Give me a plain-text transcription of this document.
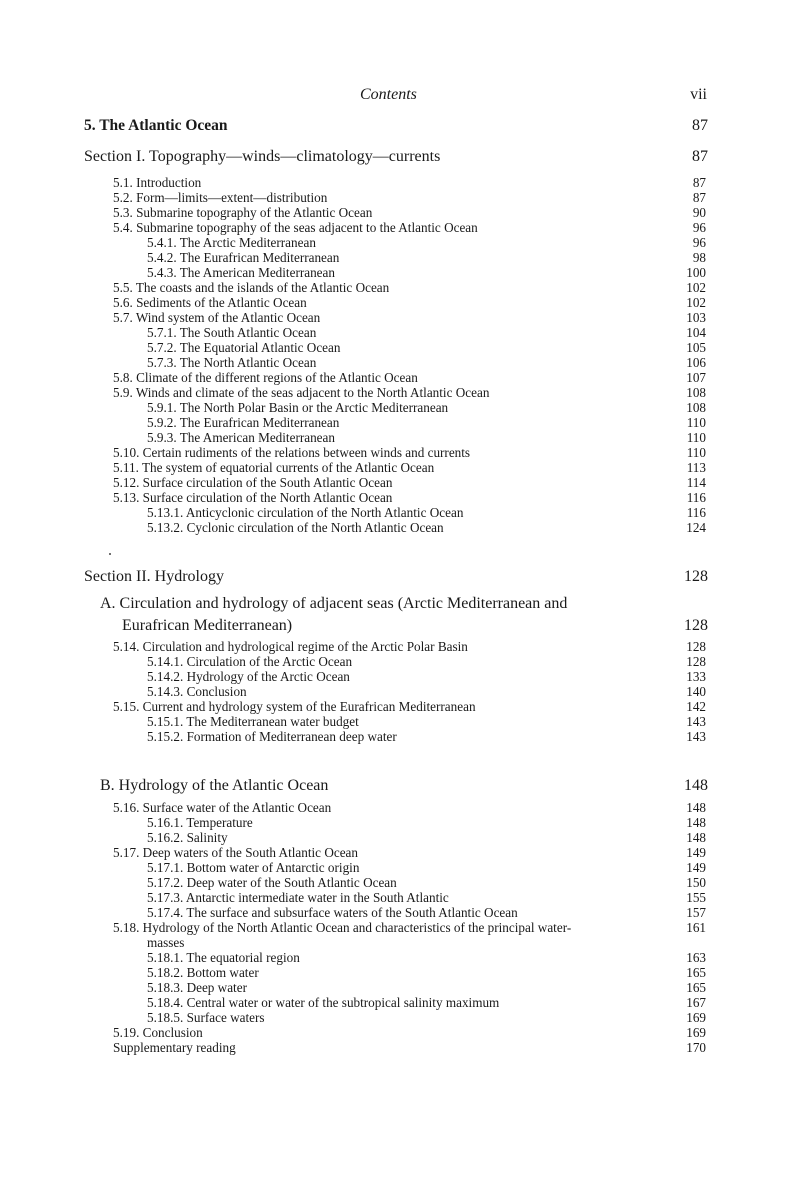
Contents	vii
5. The Atlantic Ocean	87
Section I. Topography—winds—climatology—currents	87
5.1. Introduction	87
5.2. Form—limits—extent—distribution	87
5.3. Submarine topography of the Atlantic Ocean	90
5.4. Submarine topography of the seas adjacent to the Atlantic Ocean	96
5.4.1. The Arctic Mediterranean	96
5.4.2. The Eurafrican Mediterranean	98
5.4.3. The American Mediterranean	100
5.5. The coasts and the islands of the Atlantic Ocean	102
5.6. Sediments of the Atlantic Ocean	102
5.7. Wind system of the Atlantic Ocean	103
5.7.1. The South Atlantic Ocean	104
5.7.2. The Equatorial Atlantic Ocean	105
5.7.3. The North Atlantic Ocean	106
5.8. Climate of the different regions of the Atlantic Ocean	107
5.9. Winds and climate of the seas adjacent to the North Atlantic Ocean	108
5.9.1. The North Polar Basin or the Arctic Mediterranean	108
5.9.2. The Eurafrican Mediterranean	110
5.9.3. The American Mediterranean	110
5.10. Certain rudiments of the relations between winds and currents	110
5.11. The system of equatorial currents of the Atlantic Ocean	113
5.12. Surface circulation of the South Atlantic Ocean	114
5.13. Surface circulation of the North Atlantic Ocean	116
5.13.1. Anticyclonic circulation of the North Atlantic Ocean	116
5.13.2. Cyclonic circulation of the North Atlantic Ocean	124
Section II. Hydrology	128
A. Circulation and hydrology of adjacent seas (Arctic Mediterranean and
Eurafrican Mediterranean)	128
5.14. Circulation and hydrological regime of the Arctic Polar Basin	128
5.14.1. Circulation of the Arctic Ocean	128
5.14.2. Hydrology of the Arctic Ocean	133
5.14.3. Conclusion	140
5.15. Current and hydrology system of the Eurafrican Mediterranean	142
5.15.1. The Mediterranean water budget	143
5.15.2. Formation of Mediterranean deep water	143
B. Hydrology of the Atlantic Ocean	148
5.16. Surface water of the Atlantic Ocean	148
5.16.1. Temperature	148
5.16.2. Salinity	148
5.17. Deep waters of the South Atlantic Ocean	149
5.17.1. Bottom water of Antarctic origin	149
5.17.2. Deep water of the South Atlantic Ocean	150
5.17.3. Antarctic intermediate water in the South Atlantic	155
5.17.4. The surface and subsurface waters of the South Atlantic Ocean	157
5.18. Hydrology of the North Atlantic Ocean and characteristics of the principal water-	161
masses
5.18.1. The equatorial region	163
5.18.2. Bottom water	165
5.18.3. Deep water	165
5.18.4. Central water or water of the subtropical salinity maximum	167
5.18.5. Surface waters	169
5.19. Conclusion	169
Supplementary reading	170
